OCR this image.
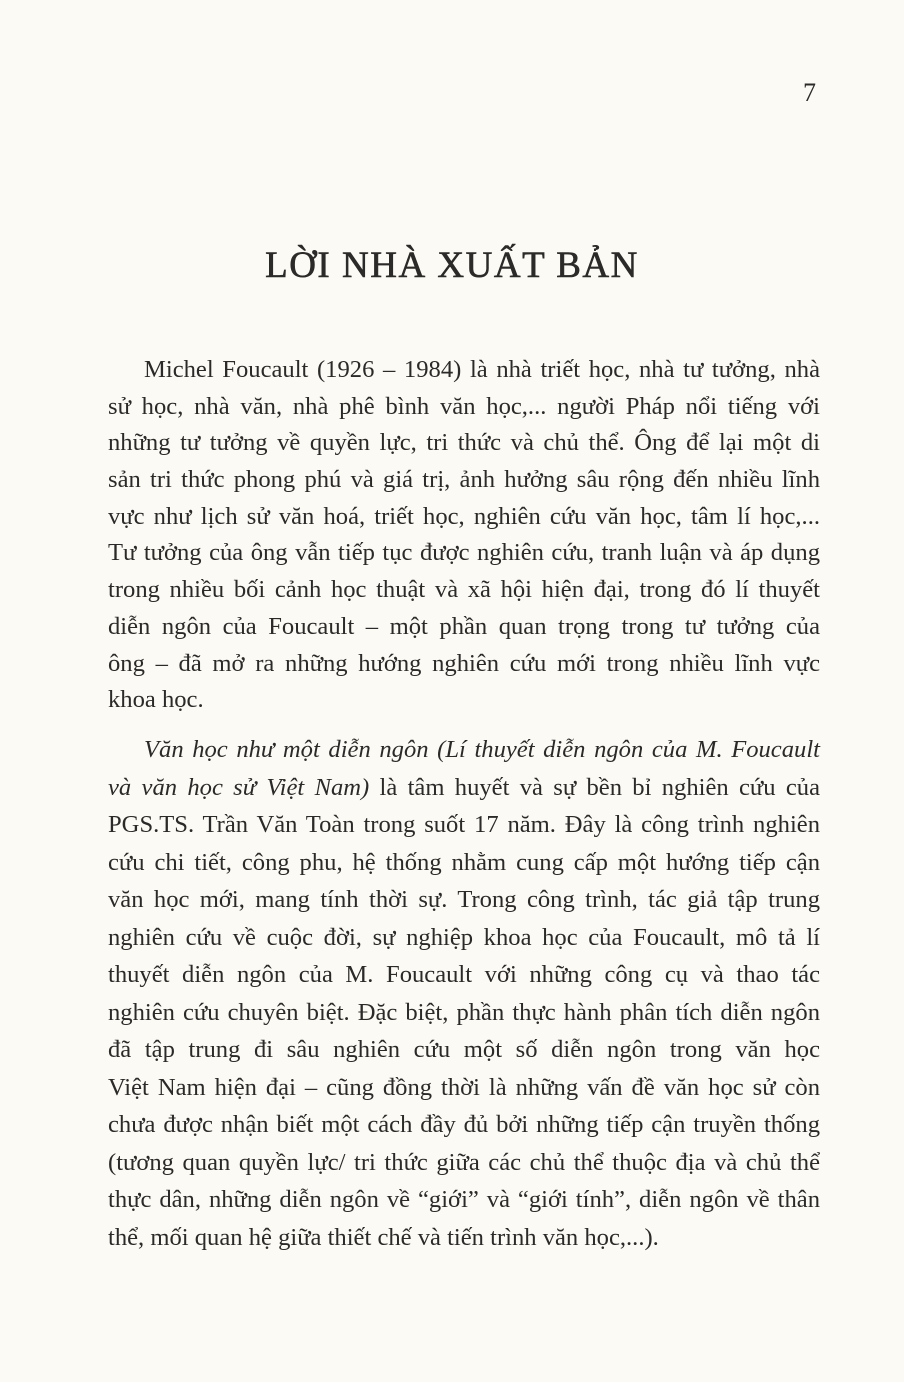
7
LỜI NHÀ XUẤT BẢN
Michel Foucault (1926 – 1984) là nhà triết học, nhà tư tưởng, nhà
sử học, nhà văn, nhà phê bình văn học,... người Pháp nổi tiếng với
những tư tưởng về quyền lực, tri thức và chủ thể. Ông để lại một di
sản tri thức phong phú và giá trị, ảnh hưởng sâu rộng đến nhiều lĩnh
vực như lịch sử văn hoá, triết học, nghiên cứu văn học, tâm lí học,...
Tư tưởng của ông vẫn tiếp tục được nghiên cứu, tranh luận và áp dụng
trong nhiều bối cảnh học thuật và xã hội hiện đại, trong đó lí thuyết
diễn ngôn của Foucault – một phần quan trọng trong tư tưởng của
ông – đã mở ra những hướng nghiên cứu mới trong nhiều lĩnh vực
khoa học.
Văn học như một diễn ngôn (Lí thuyết diễn ngôn của M. Foucault
và văn học sử Việt Nam) là tâm huyết và sự bền bỉ nghiên cứu của
PGS.TS. Trần Văn Toàn trong suốt 17 năm. Đây là công trình nghiên
cứu chi tiết, công phu, hệ thống nhằm cung cấp một hướng tiếp cận
văn học mới, mang tính thời sự. Trong công trình, tác giả tập trung
nghiên cứu về cuộc đời, sự nghiệp khoa học của Foucault, mô tả lí
thuyết diễn ngôn của M. Foucault với những công cụ và thao tác
nghiên cứu chuyên biệt. Đặc biệt, phần thực hành phân tích diễn ngôn
đã tập trung đi sâu nghiên cứu một số diễn ngôn trong văn học
Việt Nam hiện đại – cũng đồng thời là những vấn đề văn học sử còn
chưa được nhận biết một cách đầy đủ bởi những tiếp cận truyền thống
(tương quan quyền lực/ tri thức giữa các chủ thể thuộc địa và chủ thể
thực dân, những diễn ngôn về “giới” và “giới tính”, diễn ngôn về thân
thể, mối quan hệ giữa thiết chế và tiến trình văn học,...).
